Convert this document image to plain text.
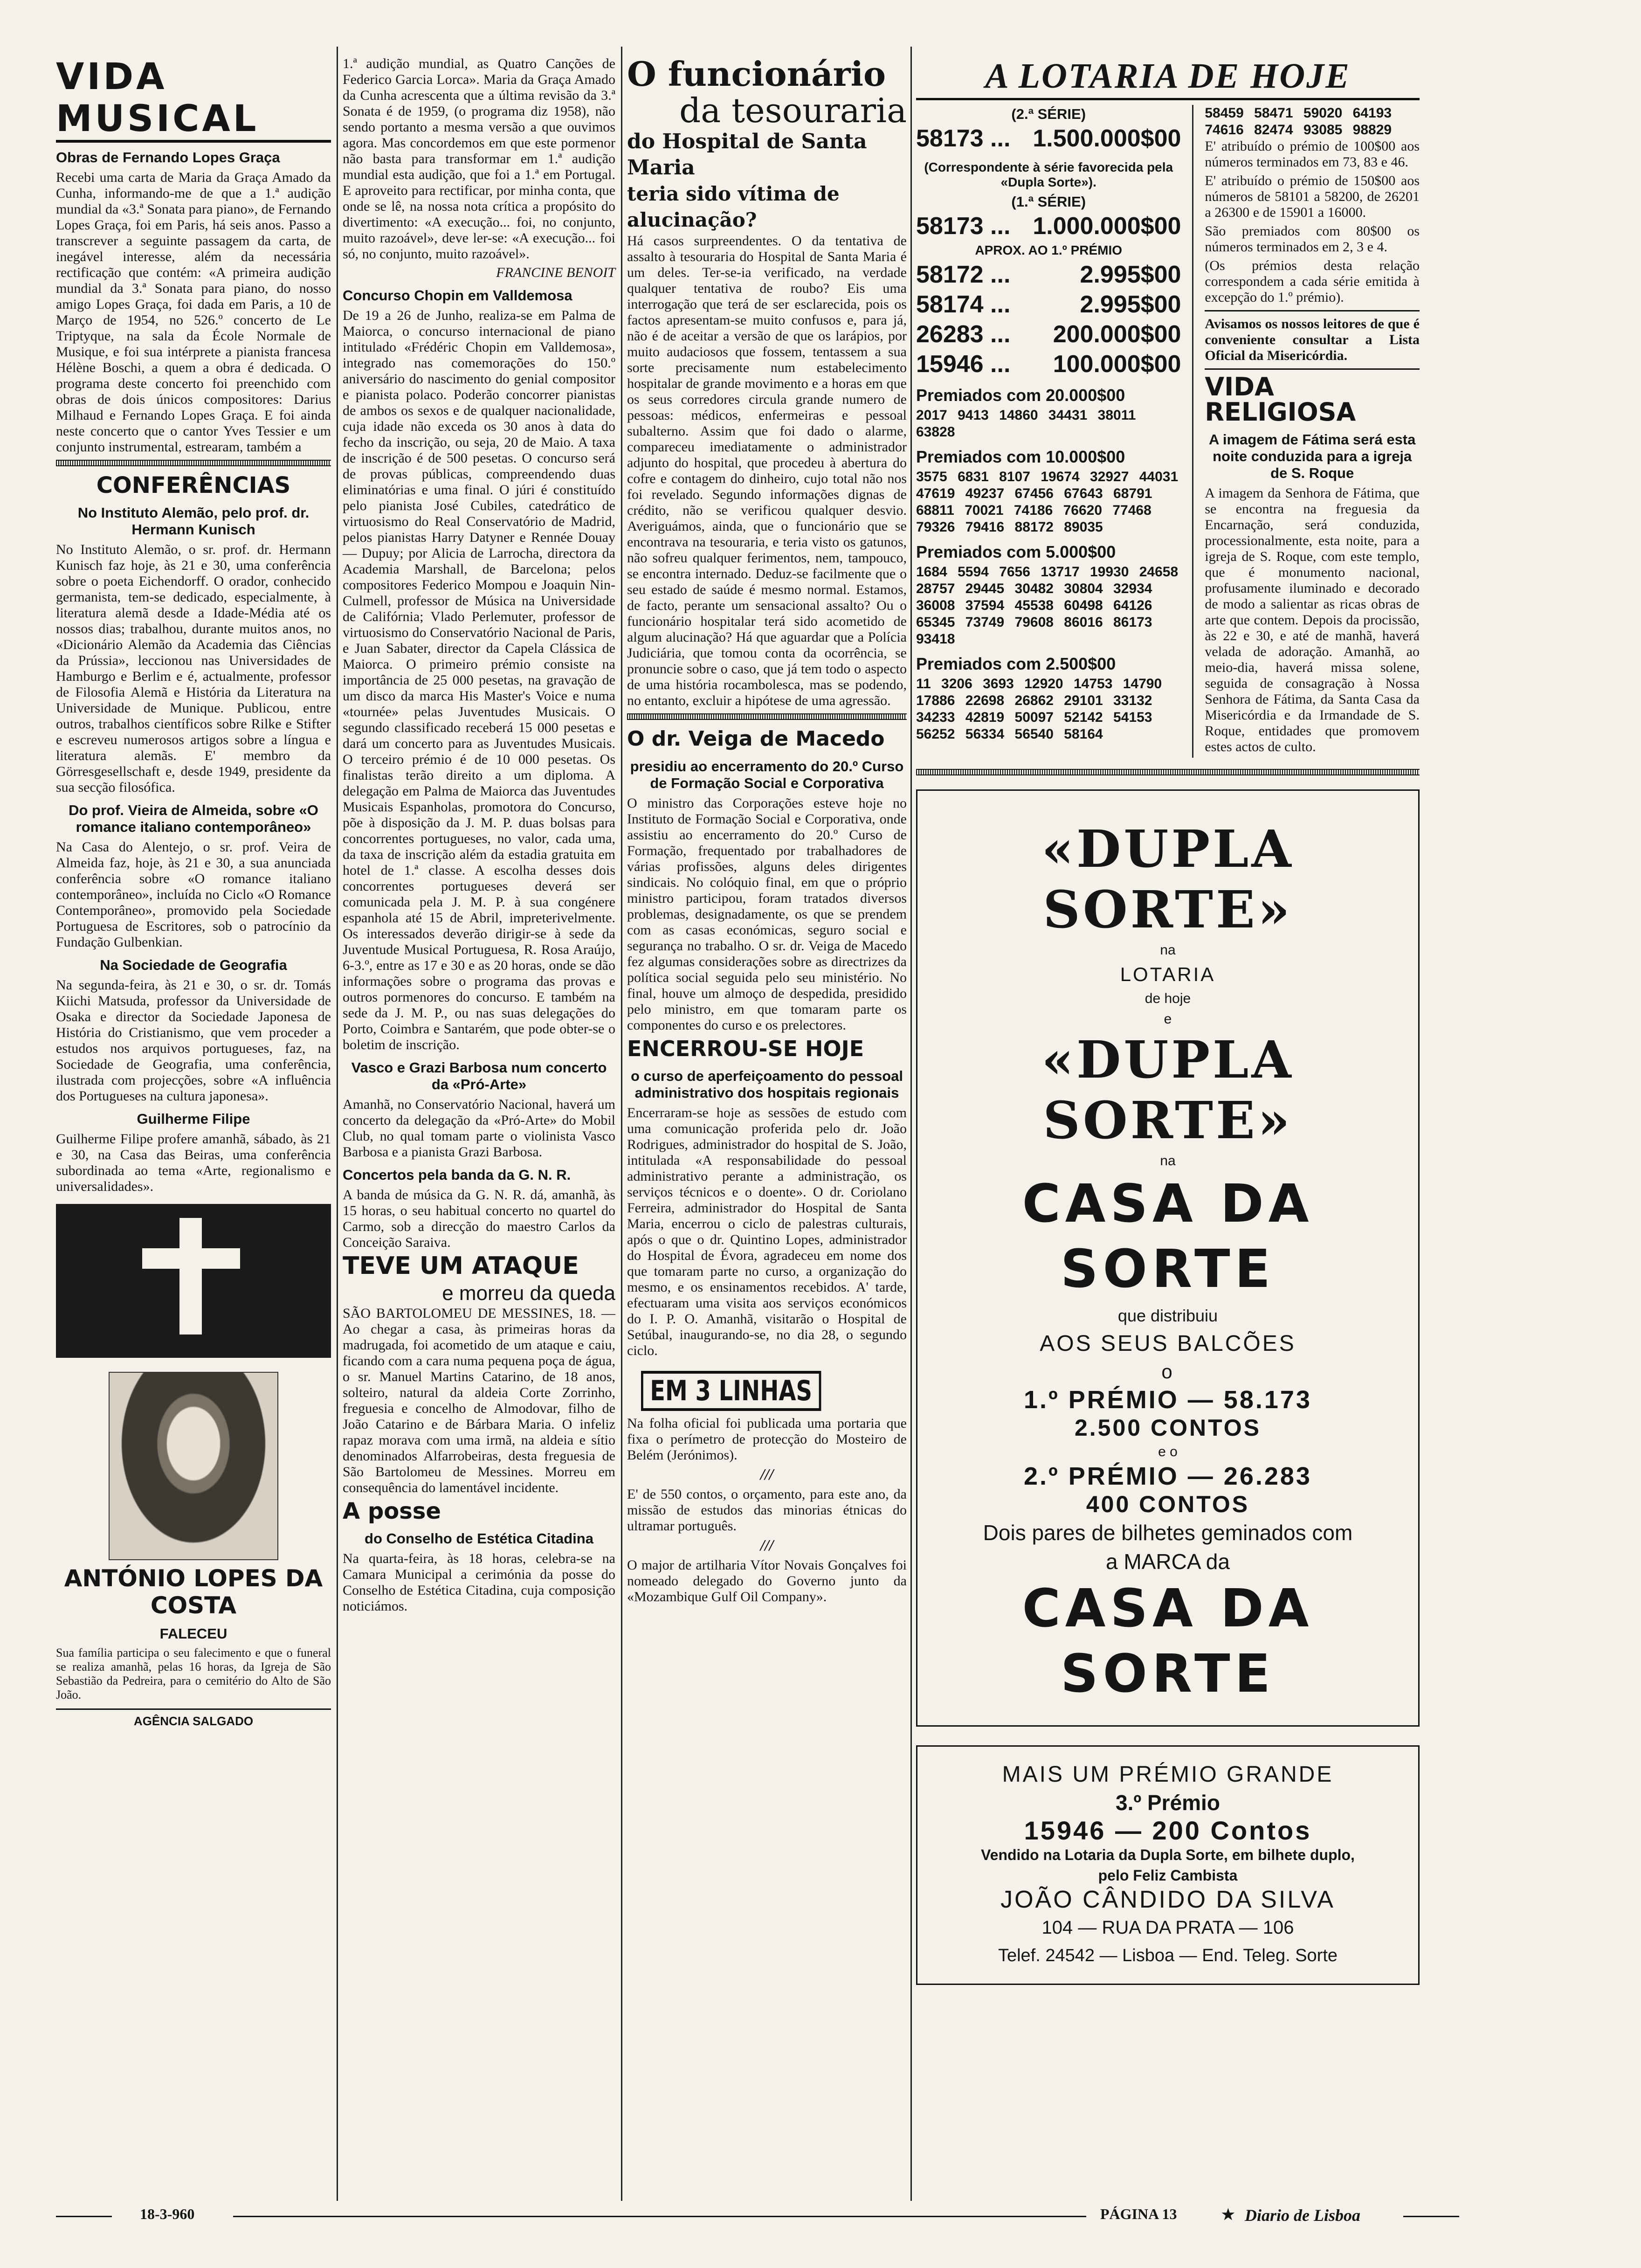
VIDA MUSICAL
Obras de Fernando Lopes Graça

Recebi uma carta de Maria da Graça Amado da Cunha, informando-me de que a 1.ª audição mundial da «3.ª Sonata para piano», de Fernando Lopes Graça, foi em Paris, há seis anos. Passo a transcrever a seguinte passagem da carta, de inegável interesse, além da necessária rectificação que contém: «A primeira audição mundial da 3.ª Sonata para piano, do nosso amigo Lopes Graça, foi dada em Paris, a 10 de Março de 1954, no 526.º concerto de Le Triptyque, na sala da École Normale de Musique, e foi sua intérprete a pianista francesa Hélène Boschi, a quem a obra é dedicada. O programa deste concerto foi preenchido com obras de dois únicos compositores: Darius Milhaud e Fernando Lopes Graça. E foi ainda neste concerto que o cantor Yves Tessier e um conjunto instrumental, estrearam, também a

CONFERÊNCIAS
No Instituto Alemão, pelo prof. dr. Hermann Kunisch

No Instituto Alemão, o sr. prof. dr. Hermann Kunisch faz hoje, às 21 e 30, uma conferência sobre o poeta Eichendorff. O orador, conhecido germanista, tem-se dedicado, especialmente, à literatura alemã desde a Idade-Média até os nossos dias; trabalhou, durante muitos anos, no «Dicionário Alemão da Academia das Ciências da Prússia», leccionou nas Universidades de Hamburgo e Berlim e é, actualmente, professor de Filosofia Alemã e História da Literatura na Universidade de Munique. Publicou, entre outros, trabalhos científicos sobre Rilke e Stifter e escreveu numerosos artigos sobre a língua e literatura alemãs. E' membro da Görresgesellschaft e, desde 1949, presidente da sua secção filosófica.

Do prof. Vieira de Almeida, sobre «O romance italiano contemporâneo»

Na Casa do Alentejo, o sr. prof. Veira de Almeida faz, hoje, às 21 e 30, a sua anunciada conferência sobre «O romance italiano contemporâneo», incluída no Ciclo «O Romance Contemporâneo», promovido pela Sociedade Portuguesa de Escritores, sob o patrocínio da Fundação Gulbenkian.

Na Sociedade de Geografia

Na segunda-feira, às 21 e 30, o sr. dr. Tomás Kiichi Matsuda, professor da Universidade de Osaka e director da Sociedade Japonesa de História do Cristianismo, que vem proceder a estudos nos arquivos portugueses, faz, na Sociedade de Geografia, uma conferência, ilustrada com projecções, sobre «A influência dos Portugueses na cultura japonesa».

Guilherme Filipe

Guilherme Filipe profere amanhã, sábado, às 21 e 30, na Casa das Beiras, uma conferência subordinada ao tema «Arte, regionalismo e universalidades».

ANTÓNIO LOPES DA COSTA
FALECEU

Sua família participa o seu falecimento e que o funeral se realiza amanhã, pelas 16 horas, da Igreja de São Sebastião da Pedreira, para o cemitério do Alto de São João.

AGÊNCIA SALGADO

1.ª audição mundial, as Quatro Canções de Federico Garcia Lorca». Maria da Graça Amado da Cunha acrescenta que a última revisão da 3.ª Sonata é de 1959, (o programa diz 1958), não sendo portanto a mesma versão a que ouvimos agora. Mas concordemos em que este pormenor não basta para transformar em 1.ª audição mundial esta audição, que foi a 1.ª em Portugal. E aproveito para rectificar, por minha conta, que onde se lê, na nossa nota crítica a propósito do divertimento: «A execução... foi, no conjunto, muito razoável», deve ler-se: «A execução... foi só, no conjunto, muito razoável».

FRANCINE BENOIT
Concurso Chopin em Valldemosa

De 19 a 26 de Junho, realiza-se em Palma de Maiorca, o concurso internacional de piano intitulado «Frédéric Chopin em Valldemosa», integrado nas comemorações do 150.º aniversário do nascimento do genial compositor e pianista polaco. Poderão concorrer pianistas de ambos os sexos e de qualquer nacionalidade, cuja idade não exceda os 30 anos à data do fecho da inscrição, ou seja, 20 de Maio. A taxa de inscrição é de 500 pesetas. O concurso será de provas públicas, compreendendo duas eliminatórias e uma final. O júri é constituído pelo pianista José Cubiles, catedrático de virtuosismo do Real Conservatório de Madrid, pelos pianistas Harry Datyner e Rennée Douay — Dupuy; por Alicia de Larrocha, directora da Academia Marshall, de Barcelona; pelos compositores Federico Mompou e Joaquin Nin-Culmell, professor de Música na Universidade de Califórnia; Vlado Perlemuter, professor de virtuosismo do Conservatório Nacional de Paris, e Juan Sabater, director da Capela Clássica de Maiorca. O primeiro prémio consiste na importância de 25 000 pesetas, na gravação de um disco da marca His Master's Voice e numa «tournée» pelas Juventudes Musicais. O segundo classificado receberá 15 000 pesetas e dará um concerto para as Juventudes Musicais. O terceiro prémio é de 10 000 pesetas. Os finalistas terão direito a um diploma. A delegação em Palma de Maiorca das Juventudes Musicais Espanholas, promotora do Concurso, põe à disposição da J. M. P. duas bolsas para concorrentes portugueses, no valor, cada uma, da taxa de inscrição além da estadia gratuita em hotel de 1.ª classe. A escolha desses dois concorrentes portugueses deverá ser comunicada pela J. M. P. à sua congénere espanhola até 15 de Abril, impreterivelmente. Os interessados deverão dirigir-se à sede da Juventude Musical Portuguesa, R. Rosa Araújo, 6-3.º, entre as 17 e 30 e as 20 horas, onde se dão informações sobre o programa das provas e outros pormenores do concurso. E também na sede da J. M. P., ou nas suas delegações do Porto, Coimbra e Santarém, que pode obter-se o boletim de inscrição.

Vasco e Grazi Barbosa num concerto da «Pró-Arte»

Amanhã, no Conservatório Nacional, haverá um concerto da delegação da «Pró-Arte» do Mobil Club, no qual tomam parte o violinista Vasco Barbosa e a pianista Grazi Barbosa.

Concertos pela banda da G. N. R.

A banda de música da G. N. R. dá, amanhã, às 15 horas, o seu habitual concerto no quartel do Carmo, sob a direcção do maestro Carlos da Conceição Saraiva.

TEVE UM ATAQUE
e morreu da queda

SÃO BARTOLOMEU DE MESSINES, 18. — Ao chegar a casa, às primeiras horas da madrugada, foi acometido de um ataque e caiu, ficando com a cara numa pequena poça de água, o sr. Manuel Martins Catarino, de 18 anos, solteiro, natural da aldeia Corte Zorrinho, freguesia e concelho de Almodovar, filho de João Catarino e de Bárbara Maria. O infeliz rapaz morava com uma irmã, na aldeia e sítio denominados Alfarrobeiras, desta freguesia de São Bartolomeu de Messines. Morreu em consequência do lamentável incidente.

A posse
do Conselho de Estética Citadina

Na quarta-feira, às 18 horas, celebra-se na Camara Municipal a cerimónia da posse do Conselho de Estética Citadina, cuja composição noticiámos.

O funcionário
da tesouraria
do Hospital de Santa Maria
teria sido vítima de alucinação?

Há casos surpreendentes. O da tentativa de assalto à tesouraria do Hospital de Santa Maria é um deles. Ter-se-ia verificado, na verdade qualquer tentativa de roubo? Eis uma interrogação que terá de ser esclarecida, pois os factos apresentam-se muito confusos e, para já, não é de aceitar a versão de que os larápios, por muito audaciosos que fossem, tentassem a sua sorte precisamente num estabelecimento hospitalar de grande movimento e a horas em que os seus corredores circula grande numero de pessoas: médicos, enfermeiras e pessoal subalterno. Assim que foi dado o alarme, compareceu imediatamente o administrador adjunto do hospital, que procedeu à abertura do cofre e contagem do dinheiro, cujo total não nos foi revelado. Segundo informações dignas de crédito, não se verificou qualquer desvio. Averiguámos, ainda, que o funcionário que se encontrava na tesouraria, e teria visto os gatunos, não sofreu qualquer ferimentos, nem, tampouco, se encontra internado. Deduz-se facilmente que o seu estado de saúde é mesmo normal. Estamos, de facto, perante um sensacional assalto? Ou o funcionário hospitalar terá sido acometido de algum alucinação? Há que aguardar que a Polícia Judiciária, que tomou conta da ocorrência, se pronuncie sobre o caso, que já tem todo o aspecto de uma história rocambolesca, mas se podendo, no entanto, excluir a hipótese de uma agressão.

O dr. Veiga de Macedo
presidiu ao encerramento do 20.º Curso de Formação Social e Corporativa

O ministro das Corporações esteve hoje no Instituto de Formação Social e Corporativa, onde assistiu ao encerramento do 20.º Curso de Formação, frequentado por trabalhadores de várias profissões, alguns deles dirigentes sindicais. No colóquio final, em que o próprio ministro participou, foram tratados diversos problemas, designadamente, os que se prendem com as casas económicas, seguro social e segurança no trabalho. O sr. dr. Veiga de Macedo fez algumas considerações sobre as directrizes da política social seguida pelo seu ministério. No final, houve um almoço de despedida, presidido pelo ministro, em que tomaram parte os componentes do curso e os prelectores.

ENCERROU-SE HOJE
o curso de aperfeiçoamento do pessoal administrativo dos hospitais regionais

Encerraram-se hoje as sessões de estudo com uma comunicação proferida pelo dr. João Rodrigues, administrador do hospital de S. João, intitulada «A responsabilidade do pessoal administrativo perante a administração, os serviços técnicos e o doente». O dr. Coriolano Ferreira, administrador do Hospital de Santa Maria, encerrou o ciclo de palestras culturais, após o que o dr. Quintino Lopes, administrador do Hospital de Évora, agradeceu em nome dos que tomaram parte no curso, a organização do mesmo, e os ensinamentos recebidos. A' tarde, efectuaram uma visita aos serviços económicos do I. P. O. Amanhã, visitarão o Hospital de Setúbal, inaugurando-se, no dia 28, o segundo ciclo.

EM 3 LINHAS

Na folha oficial foi publicada uma portaria que fixa o perímetro de protecção do Mosteiro de Belém (Jerónimos).

///

E' de 550 contos, o orçamento, para este ano, da missão de estudos das minorias étnicas do ultramar português.

///

O major de artilharia Vítor Novais Gonçalves foi nomeado delegado do Governo junto da «Mozambique Gulf Oil Company».

A LOTARIA DE HOJE
(2.ª SÉRIE)
58173 ... 1.500.000$00
(Correspondente à série favorecida pela «Dupla Sorte»).
(1.ª SÉRIE)
58173 ... 1.000.000$00
APROX. AO 1.º PRÉMIO
58172 ...	2.995$00
58174 ...	2.995$00
26283 ... 200.000$00
15946 ... 100.000$00
Premiados com 20.000$00
2017 9413 14860 34431 38011 63828
Premiados com 10.000$00
3575 6831 8107 19674 32927 44031 47619 49237 67456 67643 68791 68811 70021 74186 76620 77468 79326 79416 88172 89035
Premiados com 5.000$00
1684 5594 7656 13717 19930 24658 28757 29445 30482 30804 32934 36008 37594 45538 60498 64126 65345 73749 79608 86016 86173 93418
Premiados com 2.500$00
11 3206 3693 12920 14753 14790 17886 22698 26862 29101 33132 34233 42819 50097 52142 54153 56252 56334 56540 58164
58459 58471 59020 64193 74616 82474 93085 98829

E' atribuído o prémio de 100$00 aos números terminados em 73, 83 e 46.

E' atribuído o prémio de 150$00 aos números de 58101 a 58200, de 26201 a 26300 e de 15901 a 16000.

São premiados com 80$00 os números terminados em 2, 3 e 4.

(Os prémios desta relação correspondem a cada série emitida à excepção do 1.º prémio).

Avisamos os nossos leitores de que é conveniente consultar a Lista Oficial da Misericórdia.

VIDA RELIGIOSA
A imagem de Fátima será esta noite conduzida para a igreja de S. Roque

A imagem da Senhora de Fátima, que se encontra na freguesia da Encarnação, será conduzida, processionalmente, esta noite, para a igreja de S. Roque, com este templo, que é monumento nacional, profusamente iluminado e decorado de modo a salientar as ricas obras de arte que contem. Depois da procissão, às 22 e 30, e até de manhã, haverá velada de adoração. Amanhã, ao meio-dia, haverá missa solene, seguida de consagração à Nossa Senhora de Fátima, da Santa Casa da Misericórdia e da Irmandade de S. Roque, entidades que promovem estes actos de culto.

«DUPLA SORTE»
na
LOTARIA
de hoje
e
«DUPLA SORTE»
na
CASA DA SORTE
que distribuiu
AOS SEUS BALCÕES
o
1.º PRÉMIO — 58.173
2.500 CONTOS
e o
2.º PRÉMIO — 26.283
400 CONTOS
Dois pares de bilhetes geminados com a MARCA da
CASA DA SORTE
MAIS UM PRÉMIO GRANDE
3.º Prémio
15946 — 200 Contos
Vendido na Lotaria da Dupla Sorte, em bilhete duplo, pelo Feliz Cambista
JOÃO CÂNDIDO DA SILVA
104 — RUA DA PRATA — 106
Telef. 24542 — Lisboa — End. Teleg. Sorte
18-3-960	PÁGINA 13	★ Diario de Lisboa
